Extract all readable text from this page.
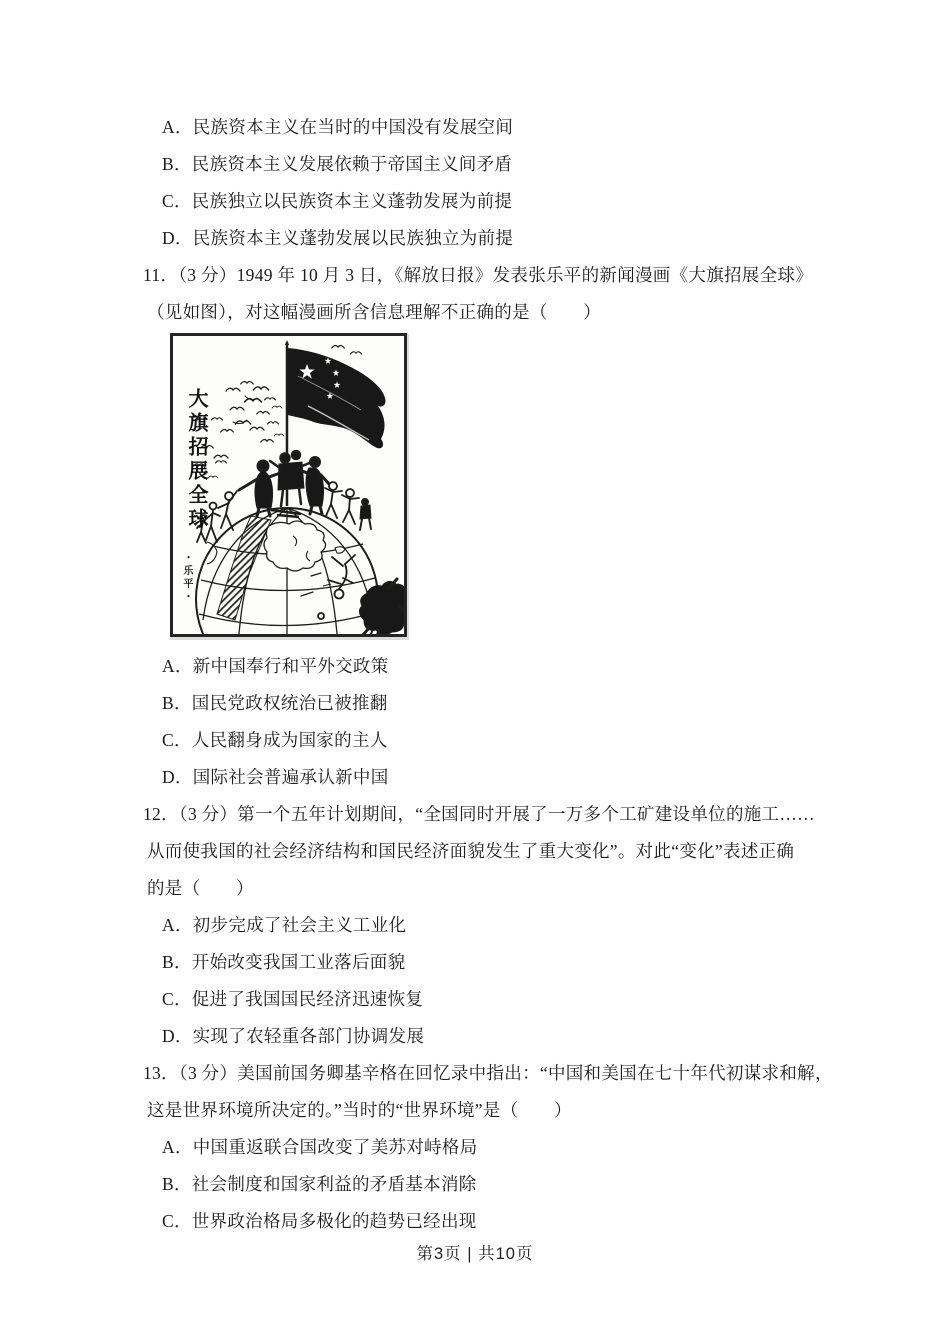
A．民族资本主义在当时的中国没有发展空间
B．民族资本主义发展依赖于帝国主义间矛盾
C．民族独立以民族资本主义蓬勃发展为前提
D．民族资本主义蓬勃发展以民族独立为前提
11．（3 分）1949 年 10 月 3 日，《解放日报》发表张乐平的新闻漫画《大旗招展全球》
（见如图），对这幅漫画所含信息理解不正确的是（　　）
大旗招展全球
・乐平・
A．新中国奉行和平外交政策
B．国民党政权统治已被推翻
C．人民翻身成为国家的主人
D．国际社会普遍承认新中国
12．（3 分）第一个五年计划期间，“全国同时开展了一万多个工矿建设单位的施工……
从而使我国的社会经济结构和国民经济面貌发生了重大变化”。对此“变化”表述正确
的是（　　）
A．初步完成了社会主义工业化
B．开始改变我国工业落后面貌
C．促进了我国国民经济迅速恢复
D．实现了农轻重各部门协调发展
13．（3 分）美国前国务卿基辛格在回忆录中指出：“中国和美国在七十年代初谋求和解，
这是世界环境所决定的。”当时的“世界环境”是（　　）
A．中国重返联合国改变了美苏对峙格局
B．社会制度和国家利益的矛盾基本消除
C．世界政治格局多极化的趋势已经出现
第3页 | 共10页
